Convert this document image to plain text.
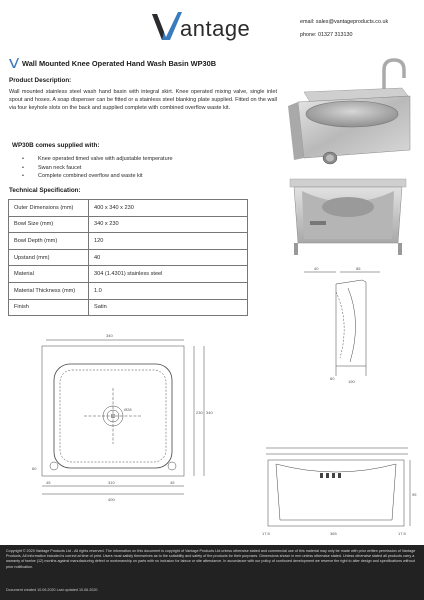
antage	email: sales@vantageproducts.co.uk
phone: 01327 313130
Wall Mounted Knee Operated Hand Wash Basin WP30B
Product Description:

Wall mounted stainless steel wash hand basin with integral skirt. Knee operated mixing valve, single inlet spout and hoses. A soap dispenser can be fitted or a stainless steel blanking plate supplied. Fitted on the wall via four keyhole slots on the back and supplied complete with combined overflow waste kit.

WP30B comes supplied with:
• Knee operated timed valve with adjustable temperature
• Swan neck faucet
• Complete combined overflow and waste kit
Technical Specification:
Outer Dimensions (mm)	400 x 340 x 230
Bowl Size (mm)	340 x 230
Bowl Depth (mm)	120
Upstand (mm)	40
Material	304 (1.4301) stainless steel
Material Thickness (mm)	1.0
Finish	Satin
40	85
60
190
340
310
400
45	45
230 340
Ø28
60
17.5	365	17.5
95

Copyright © 2020 Vantage Products Ltd - All rights reserved. The information on this document is copyright of Vantage Products Ltd unless otherwise stated and commercial use of this material may only be made with prior written permission of Vantage Products. All information included is correct at time of print. Users must satisfy themselves as to the suitability and safety of the products for their purposes. Dimensions shown in mm unless otherwise stated. Unless otherwise stated all products carry a warranty of twelve (12) months against manufacturing defect or workmanship on parts with no inclusion for labour or site attendance. In accordance with our policy of continued development we reserve the right to alter design and specifications without prior notification.

Document created 10.06.2020 Last updated 10.06.2020
